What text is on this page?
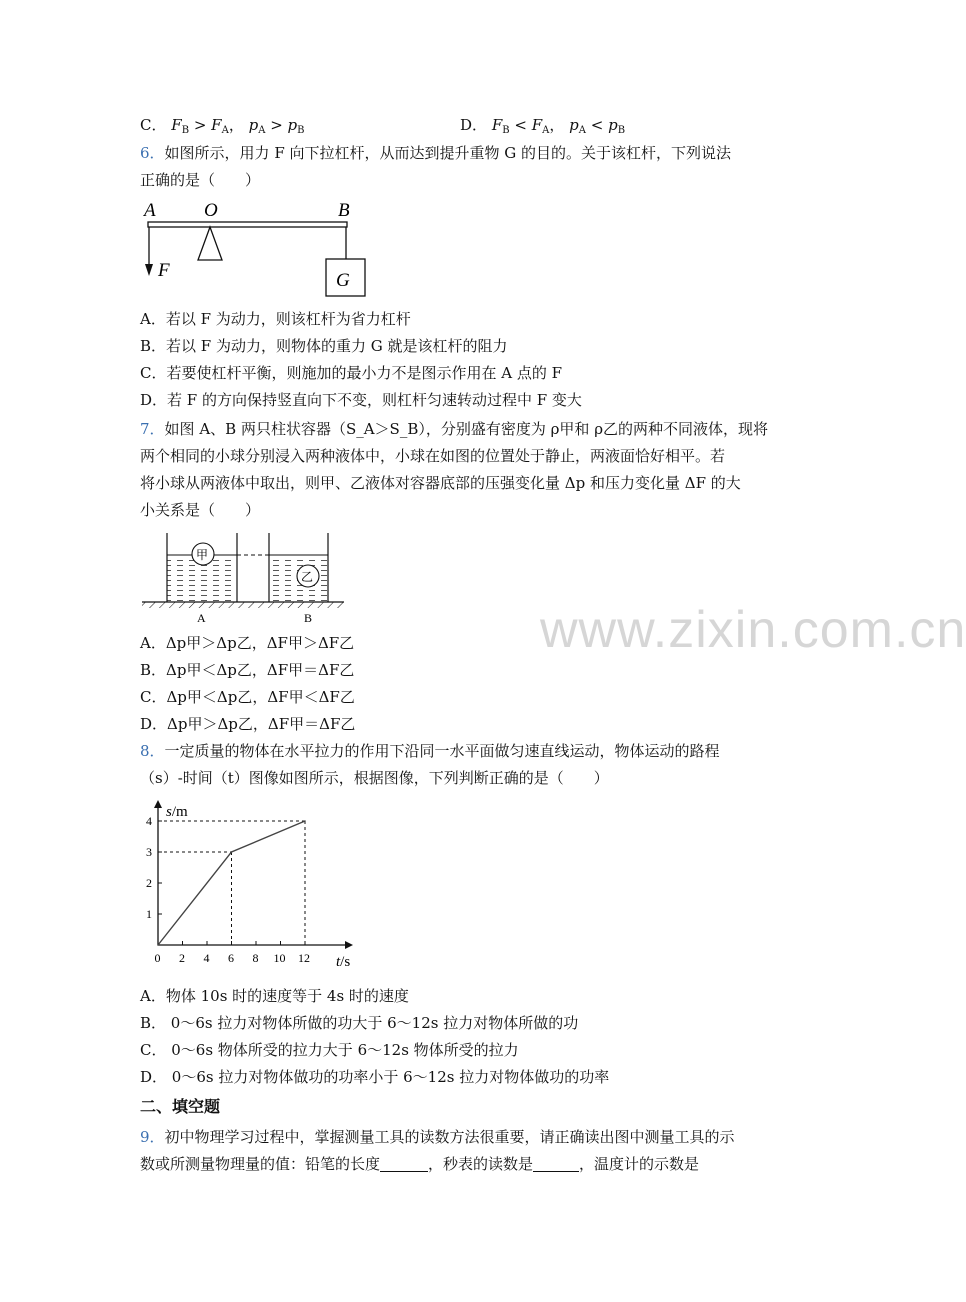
C． $F_B > F_A$， $p_A > p_B$	D． $F_B < F_A$， $p_A < p_B$
6．如图所示，用力 F 向下拉杠杆，从而达到提升重物 G 的目的。关于该杠杆，下列说法
正确的是（　　）
A	O	B
F	G
A．若以 F 为动力，则该杠杆为省力杠杆
B．若以 F 为动力，则物体的重力 G 就是该杠杆的阻力
C．若要使杠杆平衡，则施加的最小力不是图示作用在 A 点的 F
D．若 F 的方向保持竖直向下不变，则杠杆匀速转动过程中 F 变大
7．如图 A、B 两只柱状容器（S_A＞S_B），分别盛有密度为 ρ甲和 ρ乙的两种不同液体，现将
两个相同的小球分别浸入两种液体中，小球在如图的位置处于静止，两液面恰好相平。若
将小球从两液体中取出，则甲、乙液体对容器底部的压强变化量 Δp 和压力变化量 ΔF 的大
小关系是（　　）
甲
乙
A	B
A．Δp甲＞Δp乙，ΔF甲＞ΔF乙
B．Δp甲＜Δp乙，ΔF甲＝ΔF乙
C．Δp甲＜Δp乙，ΔF甲＜ΔF乙
D．Δp甲＞Δp乙，ΔF甲＝ΔF乙
8．一定质量的物体在水平拉力的作用下沿同一水平面做匀速直线运动，物体运动的路程
（s）-时间（t）图像如图所示，根据图像，下列判断正确的是（　　）
s/m
t/s
0 2 4 6 8 10 12
1
2
3
4
A．物体 10s 时的速度等于 4s 时的速度
B． 0～6s 拉力对物体所做的功大于 6～12s 拉力对物体所做的功
C． 0～6s 物体所受的拉力大于 6～12s 物体所受的拉力
D． 0～6s 拉力对物体做功的功率小于 6～12s 拉力对物体做功的功率
二、填空题
9．初中物理学习过程中，掌握测量工具的读数方法很重要，请正确读出图中测量工具的示
数或所测量物理量的值：铅笔的长度	，秒表的读数是	，温度计的示数是
www.zixin.com.cn
